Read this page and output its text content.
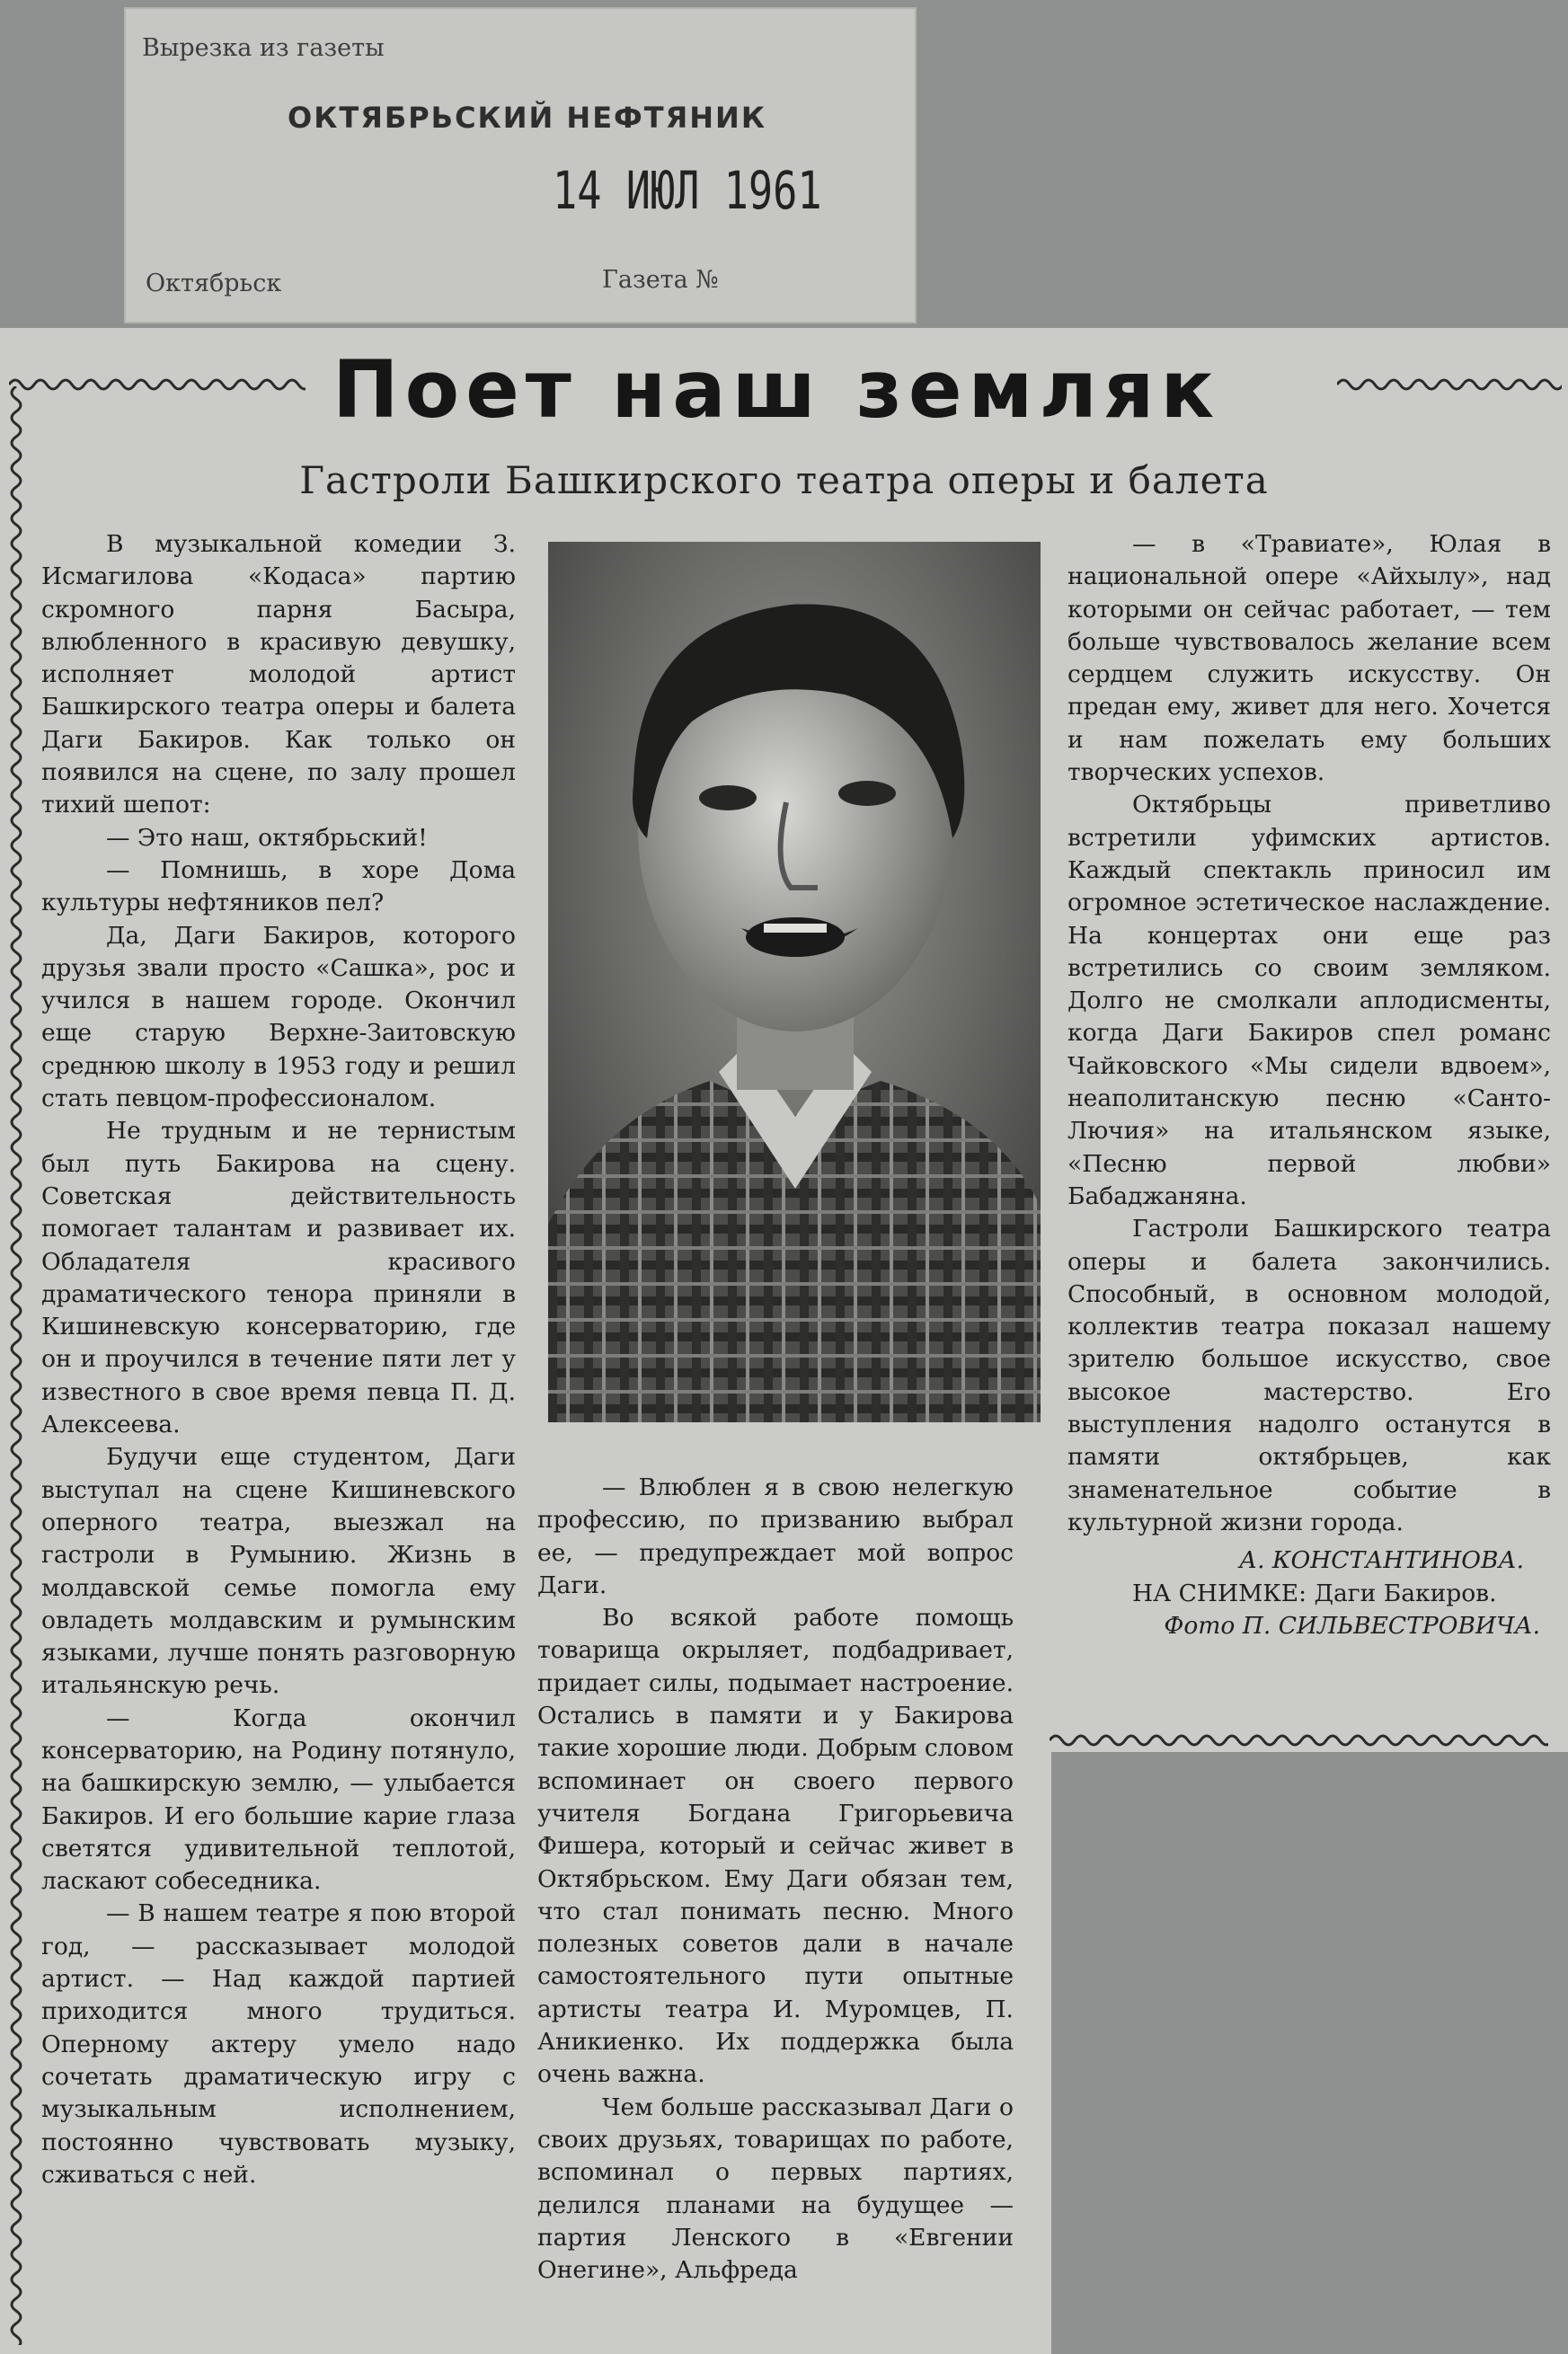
Вырезка из газеты
ОКТЯБРЬСКИЙ НЕФТЯНИК
14 ИЮЛ 1961
Октябрьск	Газета №
Поет наш земляк
Гастроли Башкирского театра оперы и балета

В музыкальной комедии З. Исмагилова «Кодаса» партию скромного парня Басыра, влюбленного в красивую девушку, исполняет молодой артист Башкирского театра оперы и балета Даги Бакиров. Как только он появился на сцене, по залу прошел тихий шепот:

— Это наш, октябрьский!

— Помнишь, в хоре Дома культуры нефтяников пел?

Да, Даги Бакиров, которого друзья звали просто «Сашка», рос и учился в нашем городе. Окончил еще старую Верхне-Заитовскую среднюю школу в 1953 году и решил стать певцом-профессионалом.

Не трудным и не тернистым был путь Бакирова на сцену. Советская действительность помогает талантам и развивает их. Обладателя красивого драматического тенора приняли в Кишиневскую консерваторию, где он и проучился в течение пяти лет у известного в свое время певца П. Д. Алексеева.

Будучи еще студентом, Даги выступал на сцене Кишиневского оперного театра, выезжал на гастроли в Румынию. Жизнь в молдавской семье помогла ему овладеть молдавским и румынским языками, лучше понять разговорную итальянскую речь.

— Когда окончил консерваторию, на Родину потянуло, на башкирскую землю, — улыбается Бакиров. И его большие карие глаза светятся удивительной теплотой, ласкают собеседника.

— В нашем театре я пою второй год, — рассказывает молодой артист. — Над каждой партией приходится много трудиться. Оперному актеру умело надо сочетать драматическую игру с музыкальным исполнением, постоянно чувствовать музыку, сживаться с ней.

— Влюблен я в свою нелегкую профессию, по призванию выбрал ее, — предупреждает мой вопрос Даги.

Во всякой работе помощь товарища окрыляет, подбадривает, придает силы, подымает настроение. Остались в памяти и у Бакирова такие хорошие люди. Добрым словом вспоминает он своего первого учителя Богдана Григорьевича Фишера, который и сейчас живет в Октябрьском. Ему Даги обязан тем, что стал понимать песню. Много полезных советов дали в начале самостоятельного пути опытные артисты театра И. Муромцев, П. Аникиенко. Их поддержка была очень важна.

Чем больше рассказывал Даги о своих друзьях, товарищах по работе, вспоминал о первых партиях, делился планами на будущее — партия Ленского в «Евгении Онегине», Альфреда

— в «Травиате», Юлая в национальной опере «Айхылу», над которыми он сейчас работает, — тем больше чувствовалось желание всем сердцем служить искусству. Он предан ему, живет для него. Хочется и нам пожелать ему больших творческих успехов.

Октябрьцы приветливо встретили уфимских артистов. Каждый спектакль приносил им огромное эстетическое наслаждение. На концертах они еще раз встретились со своим земляком. Долго не смолкали аплодисменты, когда Даги Бакиров спел романс Чайковского «Мы сидели вдвоем», неаполитанскую песню «Санто-Лючия» на итальянском языке, «Песню первой любви» Бабаджаняна.

Гастроли Башкирского театра оперы и балета закончились. Способный, в основном молодой, коллектив театра показал нашему зрителю большое искусство, свое высокое мастерство. Его выступления надолго останутся в памяти октябрьцев, как знаменательное событие в культурной жизни города.

А. КОНСТАНТИНОВА.

НА СНИМКЕ: Даги Бакиров.

Фото П. СИЛЬВЕСТРОВИЧА.
